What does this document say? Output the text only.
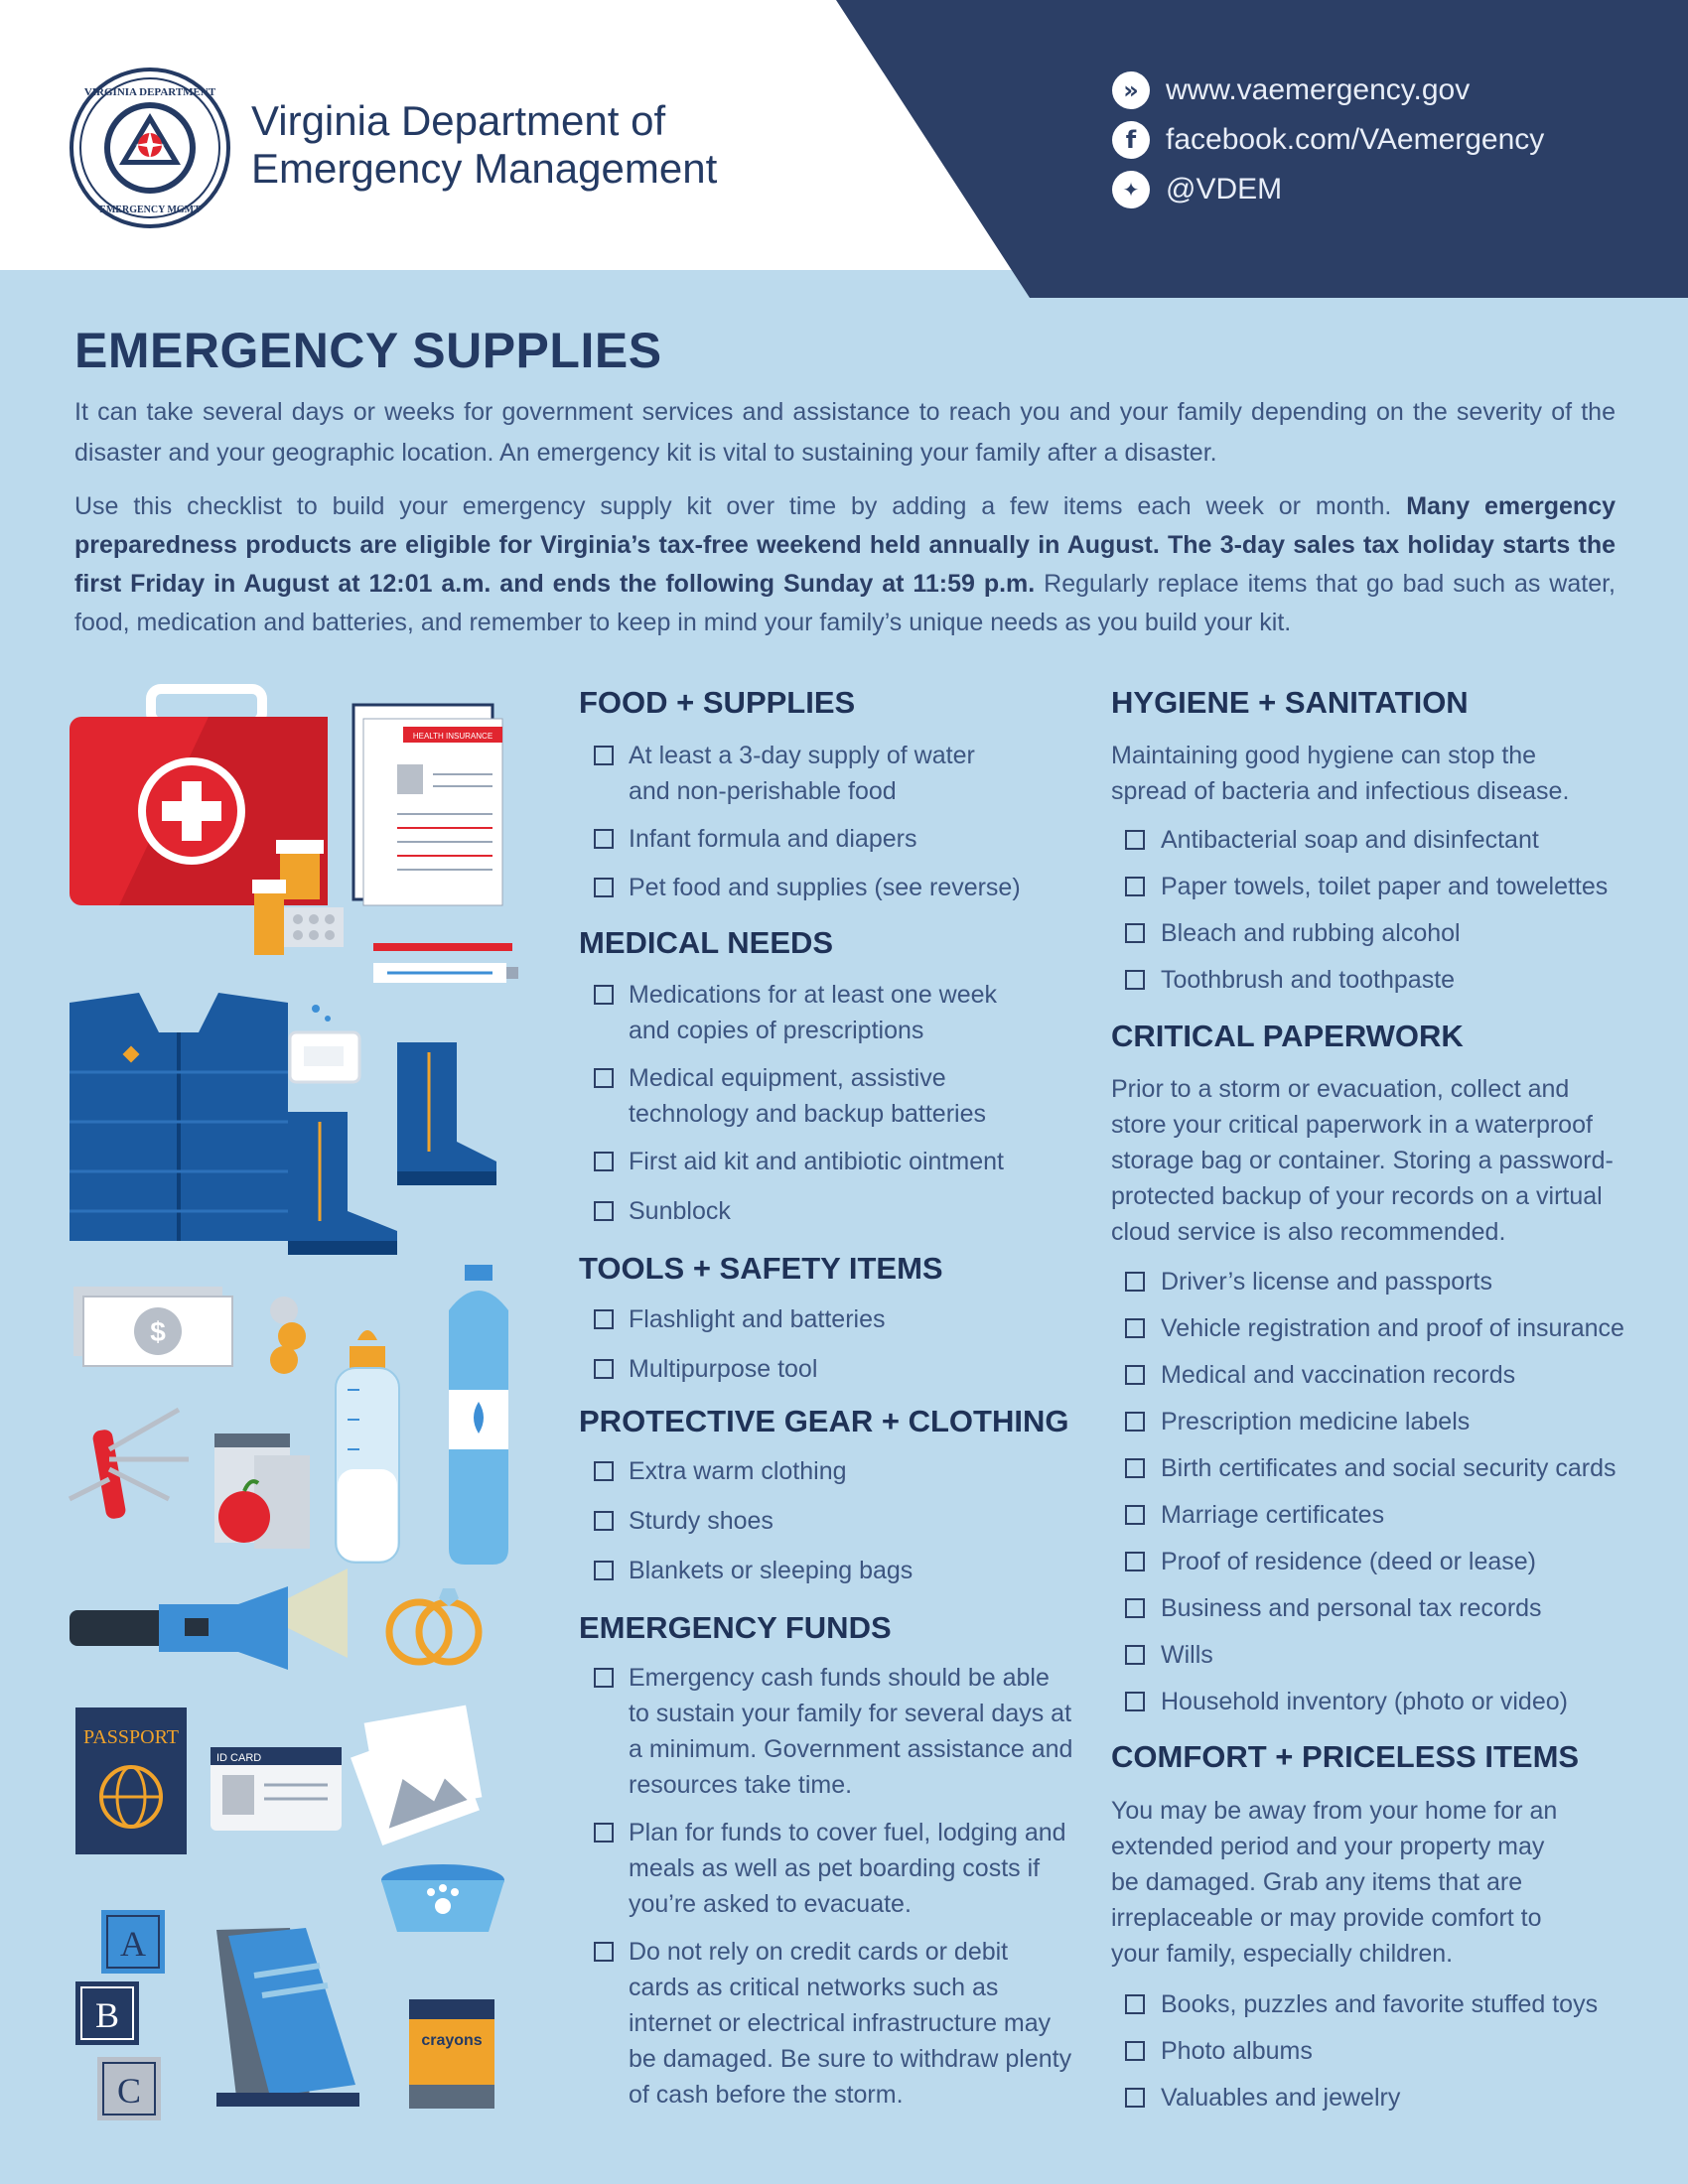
VIRGINIA DEPARTMENT
EMERGENCY MGMT
Virginia Department of
Emergency Management
» www.vaemergency.gov
f facebook.com/VAemergency
✦ @VDEM
EMERGENCY SUPPLIES
It can take several days or weeks for government services and assistance to reach you and your family depending on the severity of the disaster and your geographic location. An emergency kit is vital to sustaining your family after a disaster.
Use this checklist to build your emergency supply kit over time by adding a few items each week or month. Many emergency preparedness products are eligible for Virginia’s tax-free weekend held annually in August. The 3-day sales tax holiday starts the first Friday in August at 12:01 a.m. and ends the following Sunday at 11:59 p.m. Regularly replace items that go bad such as water, food, medication and batteries, and remember to keep in mind your family’s unique needs as you build your kit.
HEALTH INSURANCE
$
PASSPORT
ID CARD
A
B
C
crayons
FOOD + SUPPLIES
At least a 3-day supply of water and non-perishable food
Infant formula and diapers
Pet food and supplies (see reverse)
MEDICAL NEEDS
Medications for at least one week and copies of prescriptions
Medical equipment, assistive technology and backup batteries
First aid kit and antibiotic ointment
Sunblock
TOOLS + SAFETY ITEMS
Flashlight and batteries
Multipurpose tool
PROTECTIVE GEAR + CLOTHING
Extra warm clothing
Sturdy shoes
Blankets or sleeping bags
EMERGENCY FUNDS
Emergency cash funds should be able to sustain your family for several days at a minimum. Government assistance and resources take time.
Plan for funds to cover fuel, lodging and meals as well as pet boarding costs if you’re asked to evacuate.
Do not rely on credit cards or debit cards as critical networks such as internet or electrical infrastructure may be damaged. Be sure to withdraw plenty of cash before the storm.
HYGIENE + SANITATION
Maintaining good hygiene can stop the spread of bacteria and infectious disease.
Antibacterial soap and disinfectant
Paper towels, toilet paper and towelettes
Bleach and rubbing alcohol
Toothbrush and toothpaste
CRITICAL PAPERWORK
Prior to a storm or evacuation, collect and store your critical paperwork in a waterproof storage bag or container. Storing a password-protected backup of your records on a virtual cloud service is also recommended.
Driver’s license and passports
Vehicle registration and proof of insurance
Medical and vaccination records
Prescription medicine labels
Birth certificates and social security cards
Marriage certificates
Proof of residence (deed or lease)
Business and personal tax records
Wills
Household inventory (photo or video)
COMFORT + PRICELESS ITEMS
You may be away from your home for an extended period and your property may be damaged. Grab any items that are irreplaceable or may provide comfort to your family, especially children.
Books, puzzles and favorite stuffed toys
Photo albums
Valuables and jewelry
